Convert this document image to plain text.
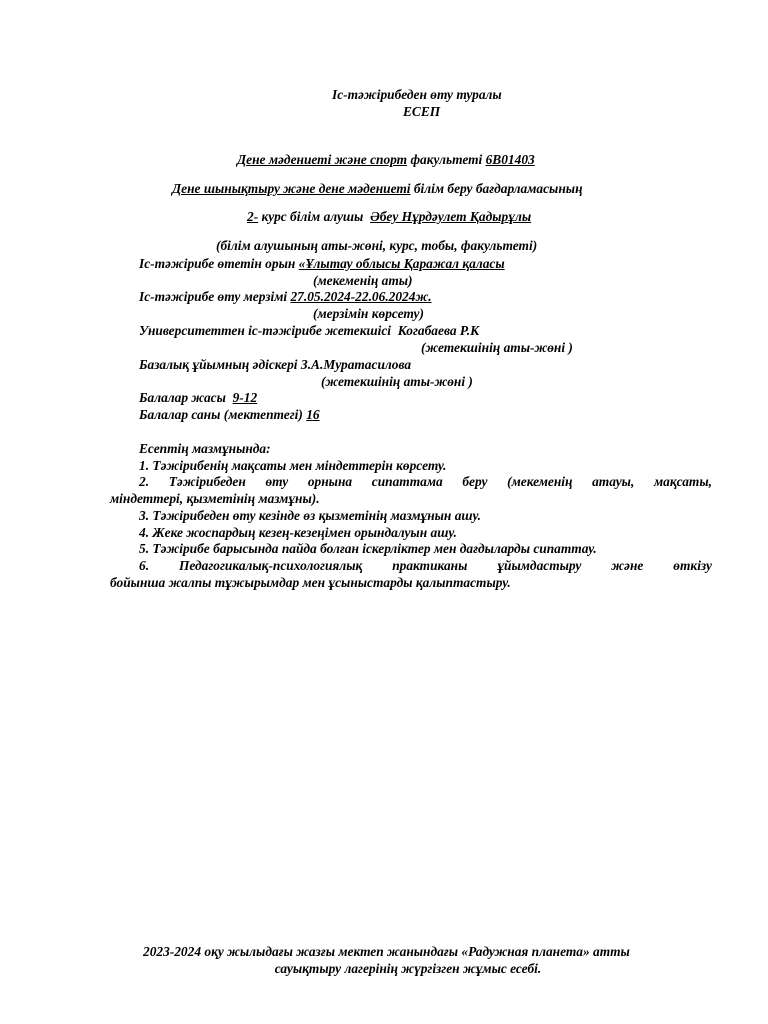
Іс-тәжірибеден өту туралы
ЕСЕП
Дене мәдениеті және спорт факультеті 6В01403
Дене шынықтыру және дене мәдениеті білім беру бағдарламасының
2- курс білім алушы Әбеу Нұрдәулет Қадырұлы
(білім алушының аты-жөні, курс, тобы, факультеті)
Іс-тәжірибе өтетін орын «Ұлытау облысы Қаражал қаласы
(мекеменің аты)
Іс-тәжірибе өту мерзімі 27.05.2024-22.06.2024ж.
(мерзімін көрсету)
Университеттен іс-тәжірибе жетекшісі Когабаева Р.К
(жетекшінің аты-жөні )
Базалық ұйымның әдіскері З.А.Муратасилова
(жетекшінің аты-жөні )
Балалар жасы 9-12
Балалар саны (мектептегі) 16
Есептің мазмұнында:
1. Тәжірибенің мақсаты мен міндеттерін көрсету.
2. Тәжірибеден өту орнына сипаттама беру (мекеменің атауы, мақсаты,
міндеттері, қызметінің мазмұны).
3. Тәжірибеден өту кезінде өз қызметінің мазмұнын ашу.
4. Жеке жоспардың кезең-кезеңімен орындалуын ашу.
5. Тәжірибе барысында пайда болған іскерліктер мен дағдыларды сипаттау.
6. Педагогикалық-психологиялық практиканы ұйымдастыру және өткізу
бойынша жалпы тұжырымдар мен ұсыныстарды қалыптастыру.
2023-2024 оқу жылыдағы жазғы мектеп жанындағы «Радужная планета» атты
сауықтыру лагерінің жүргізген жұмыс есебі.
